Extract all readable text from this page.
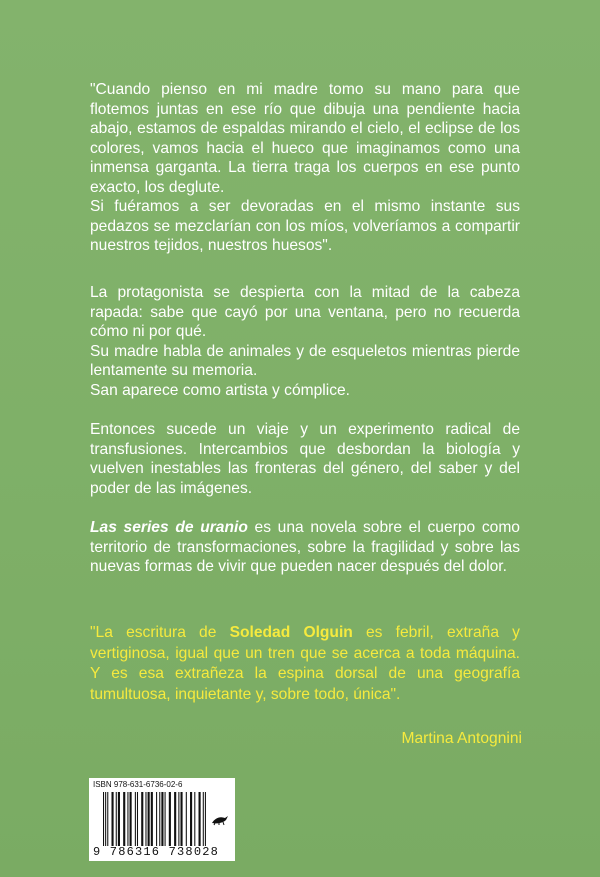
"Cuando pienso en mi madre tomo su mano para que flotemos juntas en ese río que dibuja una pendiente hacia abajo, estamos de espaldas mirando el cielo, el eclipse de los colores, vamos hacia el hueco que imaginamos como una inmensa garganta. La tierra traga los cuerpos en ese punto exacto, los deglute.

Si fuéramos a ser devoradas en el mismo instante sus pedazos se mezclarían con los míos, volveríamos a compartir nuestros tejidos, nuestros huesos".

La protagonista se despierta con la mitad de la cabeza rapada: sabe que cayó por una ventana, pero no recuerda cómo ni por qué.

Su madre habla de animales y de esqueletos mientras pierde lentamente su memoria.

San aparece como artista y cómplice.

Entonces sucede un viaje y un experimento radical de transfusiones. Intercambios que desbordan la biología y vuelven inestables las fronteras del género, del saber y del poder de las imágenes.

Las series de uranio es una novela sobre el cuerpo como territorio de transformaciones, sobre la fragilidad y sobre las nuevas formas de vivir que pueden nacer después del dolor.

"La escritura de Soledad Olguin es febril, extraña y vertiginosa, igual que un tren que se acerca a toda máquina. Y es esa extrañeza la espina dorsal de una geografía tumultuosa, inquietante y, sobre todo, única".
Martina Antognini
ISBN 978-631-6736-02-6
9 786316 738028
